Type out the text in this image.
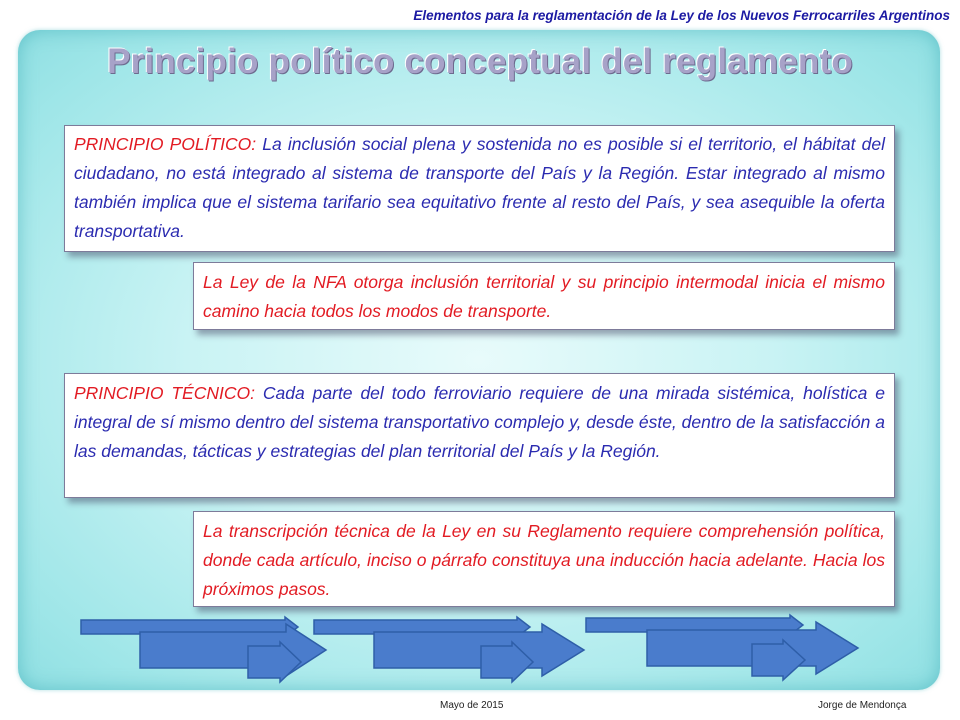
Elementos para la reglamentación de la Ley de los Nuevos Ferrocarriles Argentinos
Principio político conceptual del reglamento
PRINCIPIO POLÍTICO: La inclusión social plena y sostenida no es posible si el territorio, el hábitat del ciudadano, no está integrado al sistema de transporte del País y la Región. Estar integrado al mismo también implica que el sistema tarifario sea equitativo frente al resto del País, y sea asequible la oferta transportativa.
La Ley de la NFA otorga inclusión territorial y su principio intermodal inicia el mismo camino hacia todos los modos de transporte.
PRINCIPIO TÉCNICO: Cada parte del todo ferroviario requiere de una mirada sistémica, holística e integral de sí mismo dentro del sistema transportativo complejo y, desde éste, dentro de la satisfacción a las demandas, tácticas y estrategias del plan territorial del País y la Región.
La transcripción técnica de la Ley en su Reglamento requiere comprehensión política, donde cada artículo, inciso o párrafo constituya una inducción hacia adelante. Hacia los próximos pasos.
Mayo de 2015	Jorge de Mendonça
